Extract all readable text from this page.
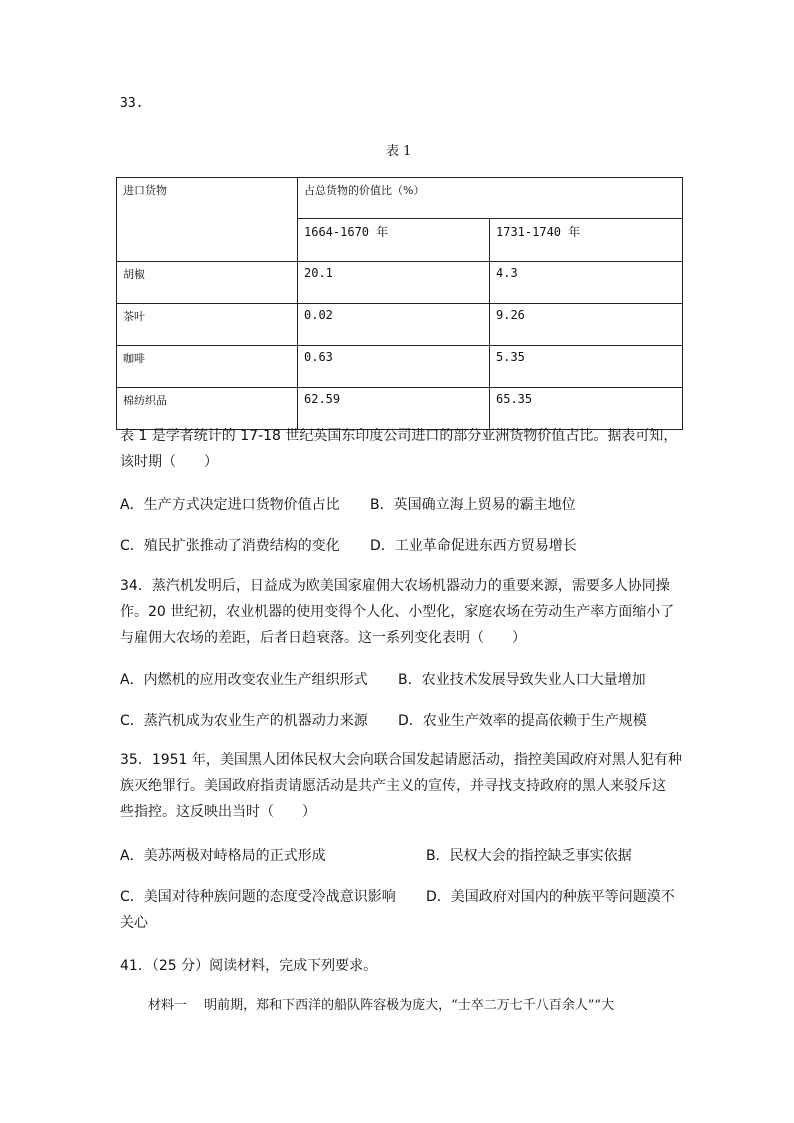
33.
表 1
进口货物	占总货物的价值比（%）	
	1664-1670 年	1731-1740 年
胡椒	20.1	4.3
茶叶	0.02	9.26
咖啡	0.63	5.35
棉纺织品	62.59	65.35
表 1 是学者统计的 17-18 世纪英国东印度公司进口的部分亚洲货物价值占比。据表可知，
该时期（　　）
A．生产方式决定进口货物价值占比 B．英国确立海上贸易的霸主地位
C．殖民扩张推动了消费结构的变化 D．工业革命促进东西方贸易增长
34．蒸汽机发明后，日益成为欧美国家雇佣大农场机器动力的重要来源，需要多人协同操
作。20 世纪初，农业机器的使用变得个人化、小型化，家庭农场在劳动生产率方面缩小了
与雇佣大农场的差距，后者日趋衰落。这一系列变化表明（　　）
A．内燃机的应用改变农业生产组织形式 B．农业技术发展导致失业人口大量增加
C．蒸汽机成为农业生产的机器动力来源 D．农业生产效率的提高依赖于生产规模
35．1951 年，美国黑人团体民权大会向联合国发起请愿活动，指控美国政府对黑人犯有种
族灭绝罪行。美国政府指责请愿活动是共产主义的宣传，并寻找支持政府的黑人来驳斥这
些指控。这反映出当时（　　）
A．美苏两极对峙格局的正式形成	B．民权大会的指控缺乏事实依据
C．美国对待种族问题的态度受冷战意识影响 D．美国政府对国内的种族平等问题漠不
关心
41．（25 分）阅读材料，完成下列要求。
材料一　 明前期，郑和下西洋的船队阵容极为庞大，“士卒二万七千八百余人”“大
